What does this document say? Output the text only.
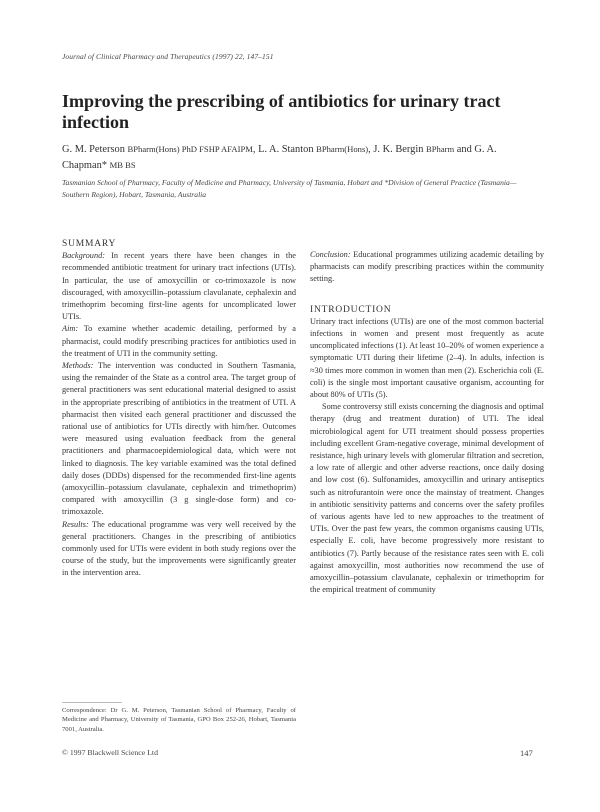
Journal of Clinical Pharmacy and Therapeutics (1997) 22, 147–151
Improving the prescribing of antibiotics for urinary tract infection

G. M. Peterson BPharm(Hons) PhD FSHP AFAIPM, L. A. Stanton BPharm(Hons), J. K. Bergin BPharm and G. A. Chapman* MB BS

Tasmanian School of Pharmacy, Faculty of Medicine and Pharmacy, University of Tasmania, Hobart and *Division of General Practice (Tasmania—Southern Region), Hobart, Tasmania, Australia

SUMMARY

Background: In recent years there have been changes in the recommended antibiotic treatment for urinary tract infections (UTIs). In particular, the use of amoxycillin or co-trimoxazole is now discouraged, with amoxycillin–potassium clavulanate, cephalexin and trimethoprim becoming first-line agents for uncomplicated lower UTIs.

Aim: To examine whether academic detailing, performed by a pharmacist, could modify prescribing practices for antibiotics used in the treatment of UTI in the community setting.

Methods: The intervention was conducted in Southern Tasmania, using the remainder of the State as a control area. The target group of general practitioners was sent educational material designed to assist in the appropriate prescribing of antibiotics in the treatment of UTI. A pharmacist then visited each general practitioner and discussed the rational use of antibiotics for UTIs directly with him/her. Outcomes were measured using evaluation feedback from the general practitioners and pharmacoepidemiological data, which were not linked to diagnosis. The key variable examined was the total defined daily doses (DDDs) dispensed for the recommended first-line agents (amoxycillin–potassium clavulanate, cephalexin and trimethoprim) compared with amoxycillin (3 g single-dose form) and co-trimoxazole.

Results: The educational programme was very well received by the general practitioners. Changes in the prescribing of antibiotics commonly used for UTIs were evident in both study regions over the course of the study, but the improvements were significantly greater in the intervention area.

Conclusion: Educational programmes utilizing academic detailing by pharmacists can modify prescribing practices within the community setting.

INTRODUCTION

Urinary tract infections (UTIs) are one of the most common bacterial infections in women and present most frequently as acute uncomplicated infections (1). At least 10–20% of women experience a symptomatic UTI during their lifetime (2–4). In adults, infection is ≈30 times more common in women than men (2). Escherichia coli (E. coli) is the single most important causative organism, accounting for about 80% of UTIs (5).

Some controversy still exists concerning the diagnosis and optimal therapy (drug and treatment duration) of UTI. The ideal microbiological agent for UTI treatment should possess properties including excellent Gram-negative coverage, minimal development of resistance, high urinary levels with glomerular filtration and secretion, a low rate of allergic and other adverse reactions, once daily dosing and low cost (6). Sulfonamides, amoxycillin and urinary antiseptics such as nitrofurantoin were once the mainstay of treatment. Changes in antibiotic sensitivity patterns and concerns over the safety profiles of various agents have led to new approaches to the treatment of UTIs. Over the past few years, the common organisms causing UTIs, especially E. coli, have become progressively more resistant to antibiotics (7). Partly because of the resistance rates seen with E. coli against amoxycillin, most authorities now recommend the use of amoxycillin–potassium clavulanate, cephalexin or trimethoprim for the empirical treatment of community

Correspondence: Dr G. M. Peterson, Tasmanian School of Pharmacy, Faculty of Medicine and Pharmacy, University of Tasmania, GPO Box 252-26, Hobart, Tasmania 7001, Australia.

© 1997 Blackwell Science Ltd	147
